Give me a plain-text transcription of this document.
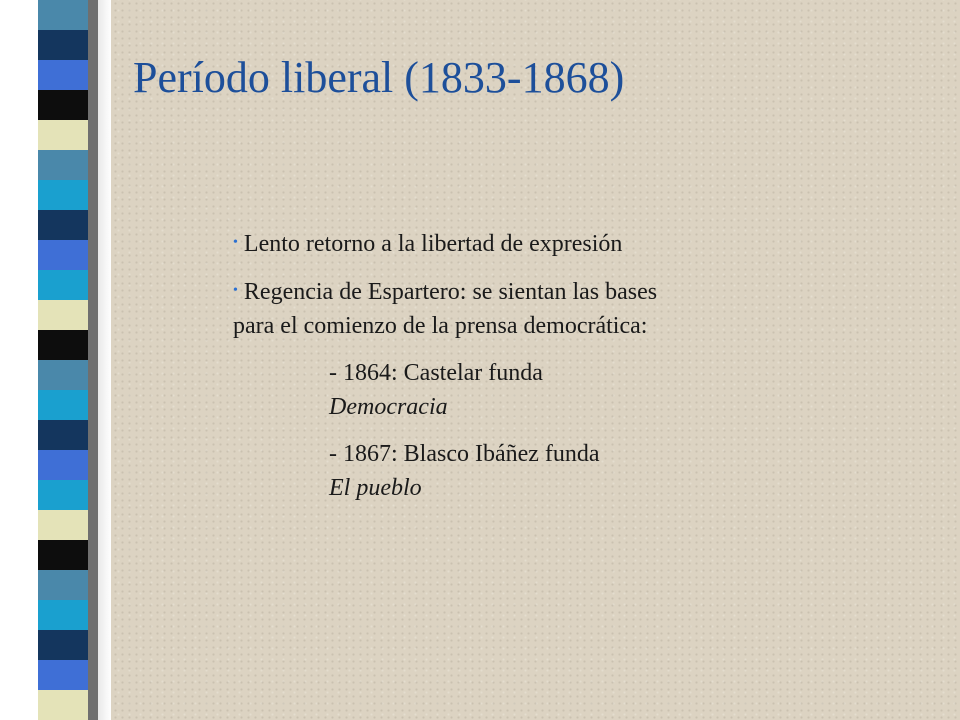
Período liberal (1833-1868)

• Lento retorno a la libertad de expresión

• Regencia de Espartero: se sientan las bases para el comienzo de la prensa democrática:

- 1864: Castelar funda
Democracia

- 1867: Blasco Ibáñez funda
El pueblo
